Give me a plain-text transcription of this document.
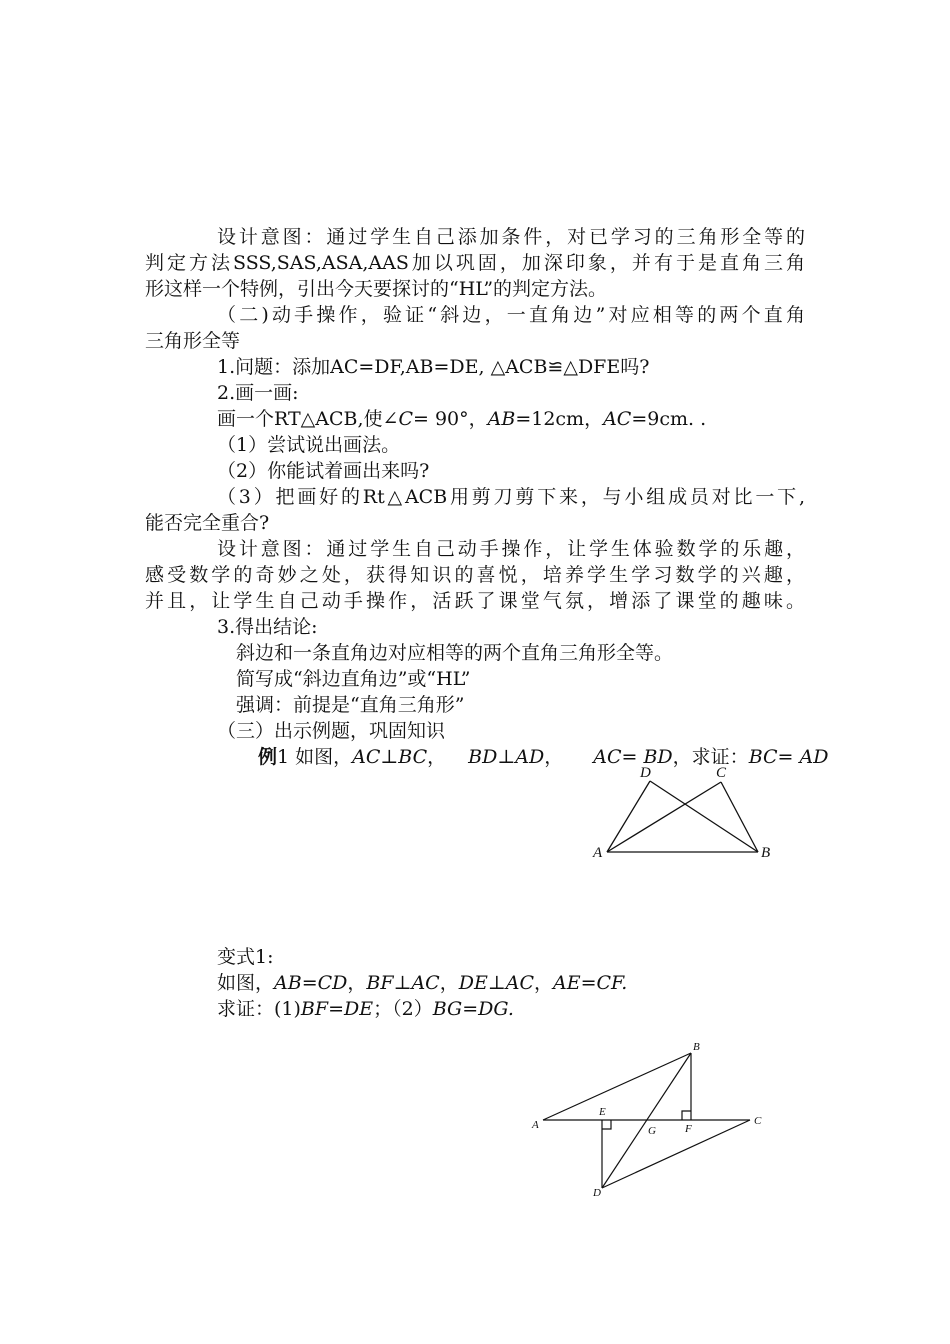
设计意图：通过学生自己添加条件，对已学习的三角形全等的
判定方法SSS,SAS,ASA,AAS加以巩固，加深印象，并有于是直角三角
形这样一个特例，引出今天要探讨的“HL”的判定方法。
（二)动手操作，验证“斜边，一直角边”对应相等的两个直角
三角形全等
1.问题：添加AC=DF,AB=DE, △ACB≌△DFE吗?
2.画一画:
画一个RT△ACB,使∠C= 90°，AB=12cm，AC=9cm. .
（1）尝试说出画法。
（2）你能试着画出来吗?
（3）把画好的Rt△ACB用剪刀剪下来，与小组成员对比一下,
能否完全重合?
设计意图：通过学生自己动手操作，让学生体验数学的乐趣，
感受数学的奇妙之处，获得知识的喜悦，培养学生学习数学的兴趣，
并且，让学生自己动手操作，活跃了课堂气氛，增添了课堂的趣味。
3.得出结论:
斜边和一条直角边对应相等的两个直角三角形全等。
简写成“斜边直角边”或“HL”
强调：前提是“直角三角形”
（三）出示例题，巩固知识
例1 如图，AC⊥BC， BD⊥AD， AC= BD，求证：BC= AD
D	C
A	B
变式1:
如图，AB=CD，BF⊥AC，DE⊥AC，AE=CF.
求证：(1)BF=DE；（2）BG=DG.
B
A
E
G	F
C
D
